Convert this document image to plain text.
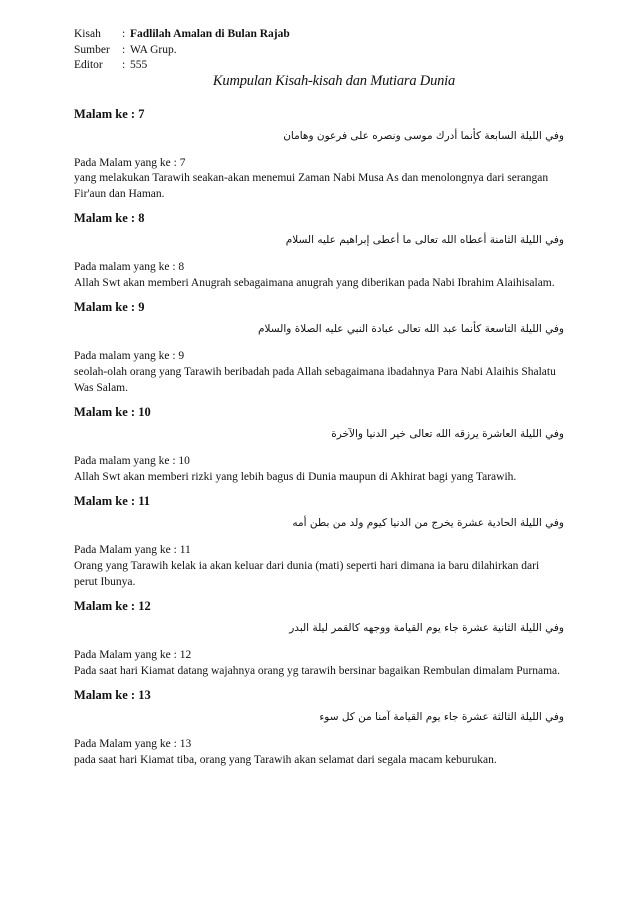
Kisah	: Fadlilah Amalan di Bulan Rajab
Sumber	: WA Grup.
Editor	: 555
Kumpulan Kisah-kisah dan Mutiara Dunia
Malam ke : 7
وفي الليلة السابعة كأنما أدرك موسى ونصره على فرعون وهامان
Pada Malam yang ke : 7
yang melakukan Tarawih seakan-akan menemui Zaman Nabi Musa As dan menolongnya dari serangan Fir'aun dan Haman.
Malam ke : 8
وفي الليلة الثامنة أعطاه الله تعالى ما أعطى إبراهيم عليه السلام
Pada malam yang ke : 8
Allah Swt akan memberi Anugrah sebagaimana anugrah yang diberikan pada Nabi Ibrahim Alaihisalam.
Malam ke : 9
وفي الليلة التاسعة كأنما عبد الله تعالى عبادة النبي عليه الصلاة والسلام
Pada malam yang ke : 9
seolah-olah orang yang Tarawih beribadah pada Allah sebagaimana ibadahnya Para Nabi Alaihis Shalatu Was Salam.
Malam ke : 10
وفي الليلة العاشرة يرزقه الله تعالى خير الدنيا والآخرة
Pada malam yang ke : 10
Allah Swt akan memberi rizki yang lebih bagus di Dunia maupun di Akhirat bagi yang Tarawih.
Malam ke : 11
وفي الليلة الحادية عشرة يخرج من الدنيا كيوم ولد من بطن أمه
Pada Malam yang ke : 11
Orang yang Tarawih kelak ia akan keluar dari dunia (mati) seperti hari dimana ia baru dilahirkan dari perut Ibunya.
Malam ke : 12
وفي الليلة الثانية عشرة جاء يوم القيامة ووجهه كالقمر ليلة البدر
Pada Malam yang ke : 12
Pada saat hari Kiamat datang wajahnya orang yg tarawih bersinar bagaikan Rembulan dimalam Purnama.
Malam ke : 13
وفي الليلة الثالثة عشرة جاء يوم القيامة آمنا من كل سوء
Pada Malam yang ke : 13
pada saat hari Kiamat tiba, orang yang Tarawih akan selamat dari segala macam keburukan.
